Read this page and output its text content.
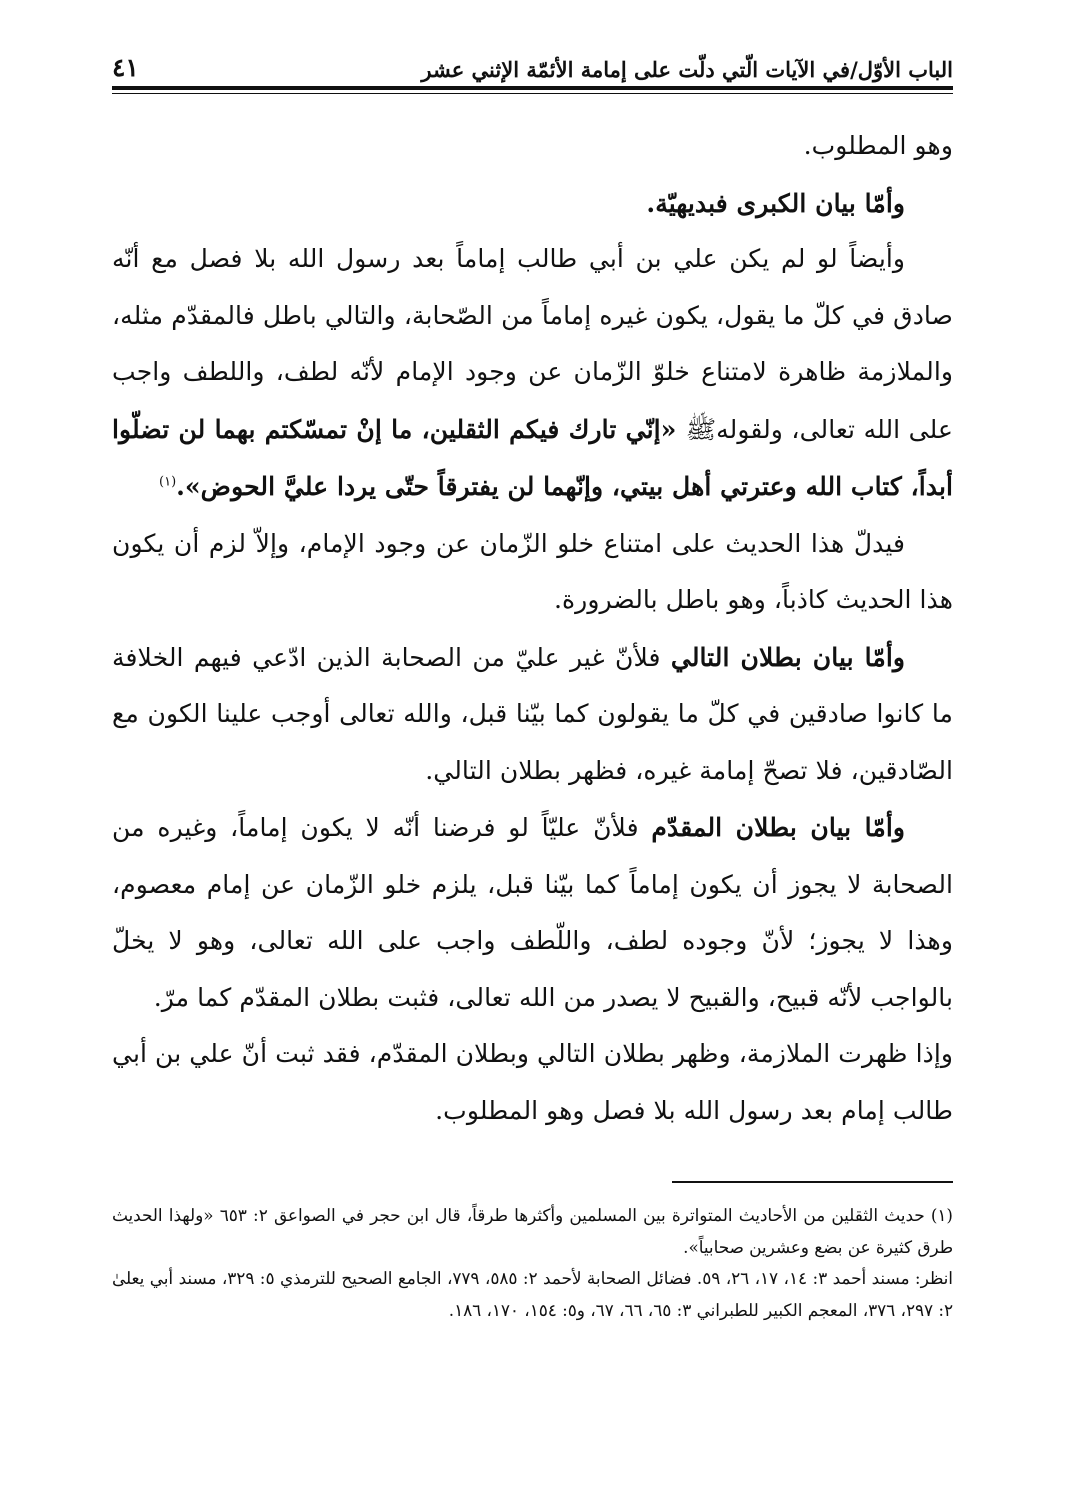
الباب الأوّل/في الآيات الّتي دلّت على إمامة الأئمّة الإثني عشر
٤١

وهو المطلوب.

وأمّا بيان الكبرى فبديهيّة.

وأيضاً لو لم يكن علي بن أبي طالب إماماً بعد رسول الله بلا فصل مع أنّه صادق في كلّ ما يقول، يكون غيره إماماً من الصّحابة، والتالي باطل فالمقدّم مثله، والملازمة ظاهرة لامتناع خلوّ الزّمان عن وجود الإمام لأنّه لطف، واللطف واجب على الله تعالى، ولقولهﷺ «إنّي تارك فيكم الثقلين، ما إنْ تمسّكتم بهما لن تضلّوا أبداً، كتاب الله وعترتي أهل بيتي، وإنّهما لن يفترقاً حتّى يردا عليَّ الحوض».$^{(١)}$

فيدلّ هذا الحديث على امتناع خلو الزّمان عن وجود الإمام، وإلاّ لزم أن يكون هذا الحديث كاذباً، وهو باطل بالضرورة.

وأمّا بيان بطلان التالي فلأنّ غير عليّ من الصحابة الذين ادّعي فيهم الخلافة ما كانوا صادقين في كلّ ما يقولون كما بيّنا قبل، والله تعالى أوجب علينا الكون مع الصّادقين، فلا تصحّ إمامة غيره، فظهر بطلان التالي.

وأمّا بيان بطلان المقدّم فلأنّ عليّاً لو فرضنا أنّه لا يكون إماماً، وغيره من الصحابة لا يجوز أن يكون إماماً كما بيّنا قبل، يلزم خلو الزّمان عن إمام معصوم، وهذا لا يجوز؛ لأنّ وجوده لطف، واللّطف واجب على الله تعالى، وهو لا يخلّ بالواجب لأنّه قبيح، والقبيح لا يصدر من الله تعالى، فثبت بطلان المقدّم كما مرّ.

وإذا ظهرت الملازمة، وظهر بطلان التالي وبطلان المقدّم، فقد ثبت أنّ علي بن أبي طالب إمام بعد رسول الله بلا فصل وهو المطلوب.

(١) حديث الثقلين من الأحاديث المتواترة بين المسلمين وأكثرها طرقاً، قال ابن حجر في الصواعق ٢: ٦٥٣ «ولهذا الحديث طرق كثيرة عن بضع وعشرين صحابياً».

انظر: مسند أحمد ٣: ١٤، ١٧، ٢٦، ٥٩. فضائل الصحابة لأحمد ٢: ٥٨٥، ٧٧٩، الجامع الصحيح للترمذي ٥: ٣٢٩، مسند أبي يعلىٰ ٢: ٢٩٧، ٣٧٦، المعجم الكبير للطبراني ٣: ٦٥، ٦٦، ٦٧، و٥: ١٥٤، ١٧٠، ١٨٦.
